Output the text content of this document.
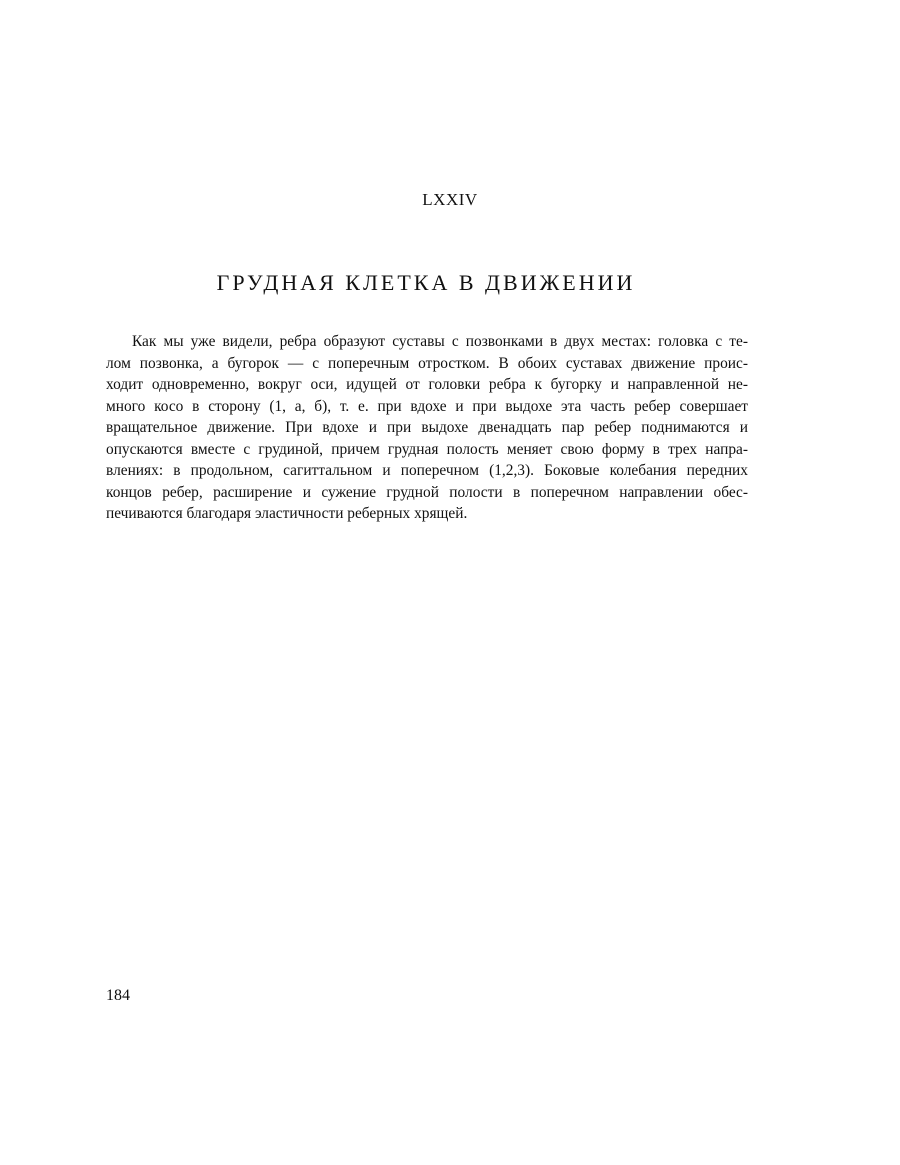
LXXIV
ГРУДНАЯ КЛЕТКА В ДВИЖЕНИИ

Как мы уже видели, ребра образуют суставы с позвонками в двух местах: головка с те-
лом позвонка, а бугорок — с поперечным отростком. В обоих суставах движение проис-
ходит одновременно, вокруг оси, идущей от головки ребра к бугорку и направленной не-
много косо в сторону (1, а, б), т. е. при вдохе и при выдохе эта часть ребер совершает
вращательное движение. При вдохе и при выдохе двенадцать пар ребер поднимаются и
опускаются вместе с грудиной, причем грудная полость меняет свою форму в трех напра-
влениях: в продольном, сагиттальном и поперечном (1,2,3). Боковые колебания передних
концов ребер, расширение и сужение грудной полости в поперечном направлении обес-
печиваются благодаря эластичности реберных хрящей.

184
